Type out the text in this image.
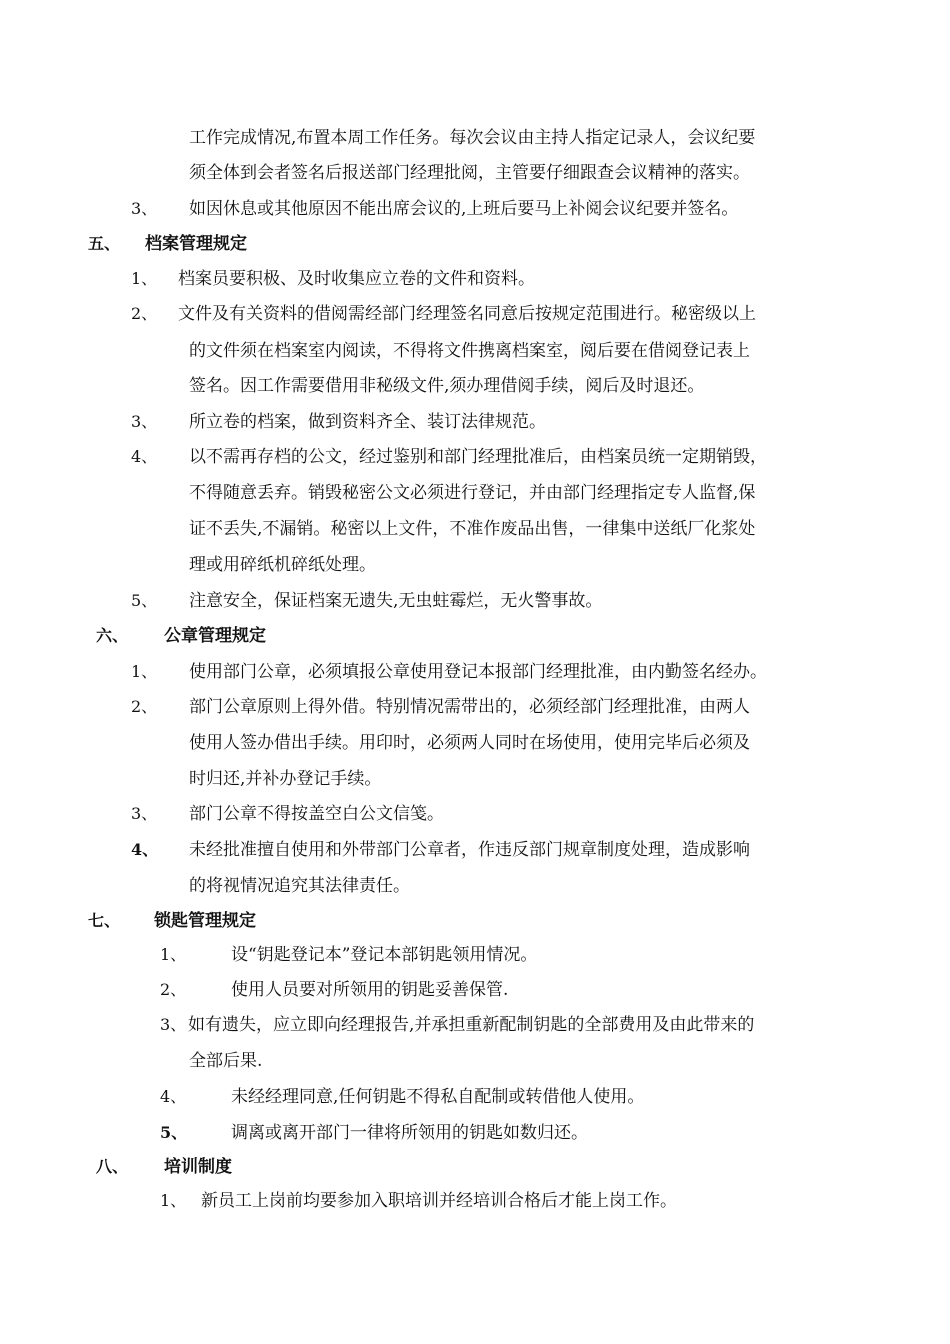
工作完成情况,布置本周工作任务。每次会议由主持人指定记录人，会议纪要
须全体到会者签名后报送部门经理批阅，主管要仔细跟查会议精神的落实。
3、 如因休息或其他原因不能出席会议的,上班后要马上补阅会议纪要并签名。
五、 档案管理规定
1、 档案员要积极、及时收集应立卷的文件和资料。
2、 文件及有关资料的借阅需经部门经理签名同意后按规定范围进行。秘密级以上
的文件须在档案室内阅读，不得将文件携离档案室，阅后要在借阅登记表上
签名。因工作需要借用非秘级文件,须办理借阅手续，阅后及时退还。
3、 所立卷的档案，做到资料齐全、装订法律规范。
4、 以不需再存档的公文，经过鉴别和部门经理批准后，由档案员统一定期销毁，
不得随意丢弃。销毁秘密公文必须进行登记，并由部门经理指定专人监督,保
证不丢失,不漏销。秘密以上文件，不准作废品出售，一律集中送纸厂化浆处
理或用碎纸机碎纸处理。
5、 注意安全，保证档案无遗失,无虫蛀霉烂，无火警事故。
六、 公章管理规定
1、 使用部门公章，必须填报公章使用登记本报部门经理批准，由内勤签名经办。
2、 部门公章原则上得外借。特别情况需带出的，必须经部门经理批准，由两人
使用人签办借出手续。用印时，必须两人同时在场使用，使用完毕后必须及
时归还,并补办登记手续。
3、 部门公章不得按盖空白公文信笺。
4、 未经批准擅自使用和外带部门公章者，作违反部门规章制度处理，造成影响
的将视情况追究其法律责任。
七、 锁匙管理规定
1、	设“钥匙登记本”登记本部钥匙领用情况。
2、	使用人员要对所领用的钥匙妥善保管.
3、 如有遗失，应立即向经理报告,并承担重新配制钥匙的全部费用及由此带来的
全部后果.
4、	未经经理同意,任何钥匙不得私自配制或转借他人使用。
5、	调离或离开部门一律将所领用的钥匙如数归还。
八、 培训制度
1、 新员工上岗前均要参加入职培训并经培训合格后才能上岗工作。
